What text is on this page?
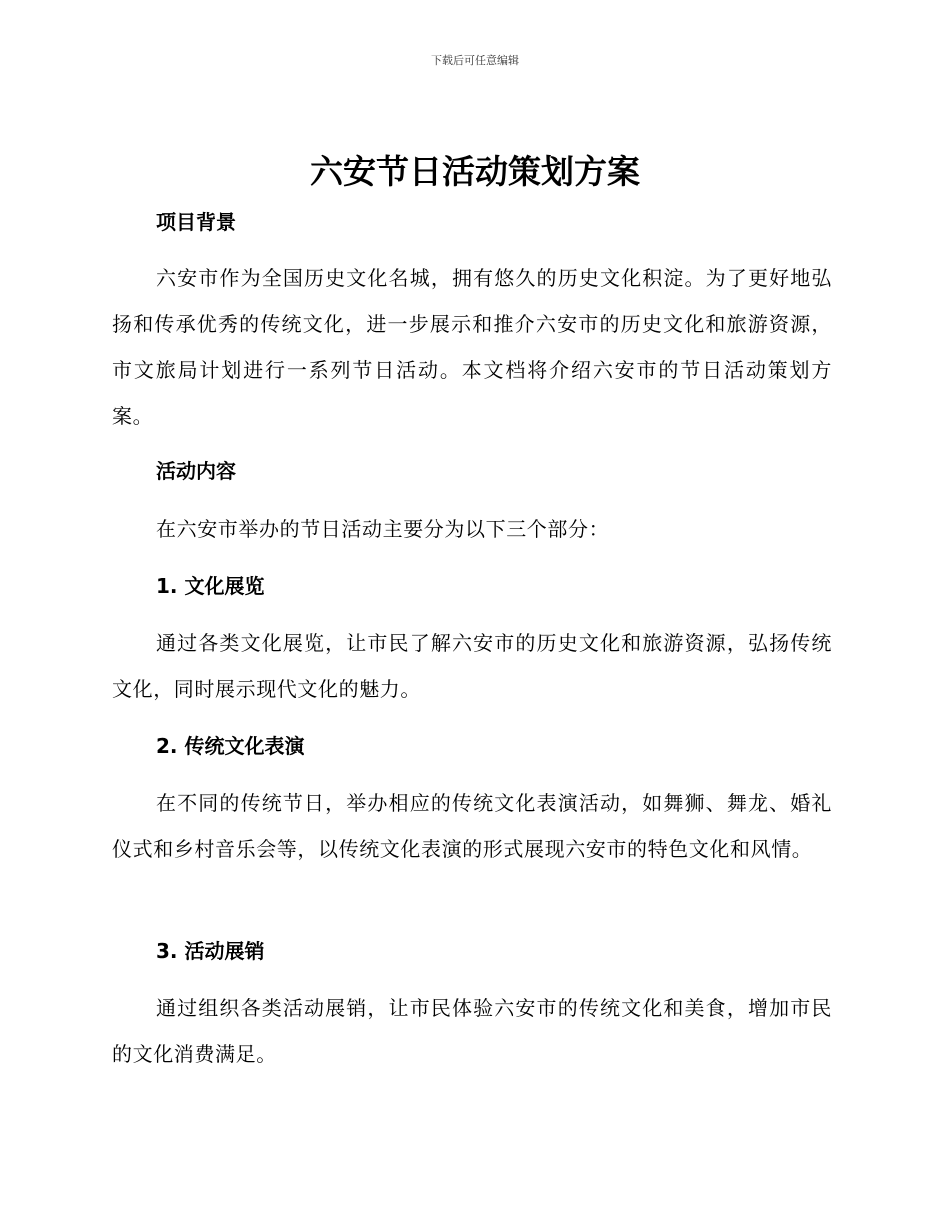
下载后可任意编辑
六安节日活动策划方案
项目背景

六安市作为全国历史文化名城，拥有悠久的历史文化积淀。为了更好地弘扬和传承优秀的传统文化，进一步展示和推介六安市的历史文化和旅游资源，市文旅局计划进行一系列节日活动。本文档将介绍六安市的节日活动策划方案。

活动内容

在六安市举办的节日活动主要分为以下三个部分：

1. 文化展览

通过各类文化展览，让市民了解六安市的历史文化和旅游资源，弘扬传统文化，同时展示现代文化的魅力。

2. 传统文化表演

在不同的传统节日，举办相应的传统文化表演活动，如舞狮、舞龙、婚礼仪式和乡村音乐会等，以传统文化表演的形式展现六安市的特色文化和风情。

3. 活动展销

通过组织各类活动展销，让市民体验六安市的传统文化和美食，增加市民的文化消费满足。
